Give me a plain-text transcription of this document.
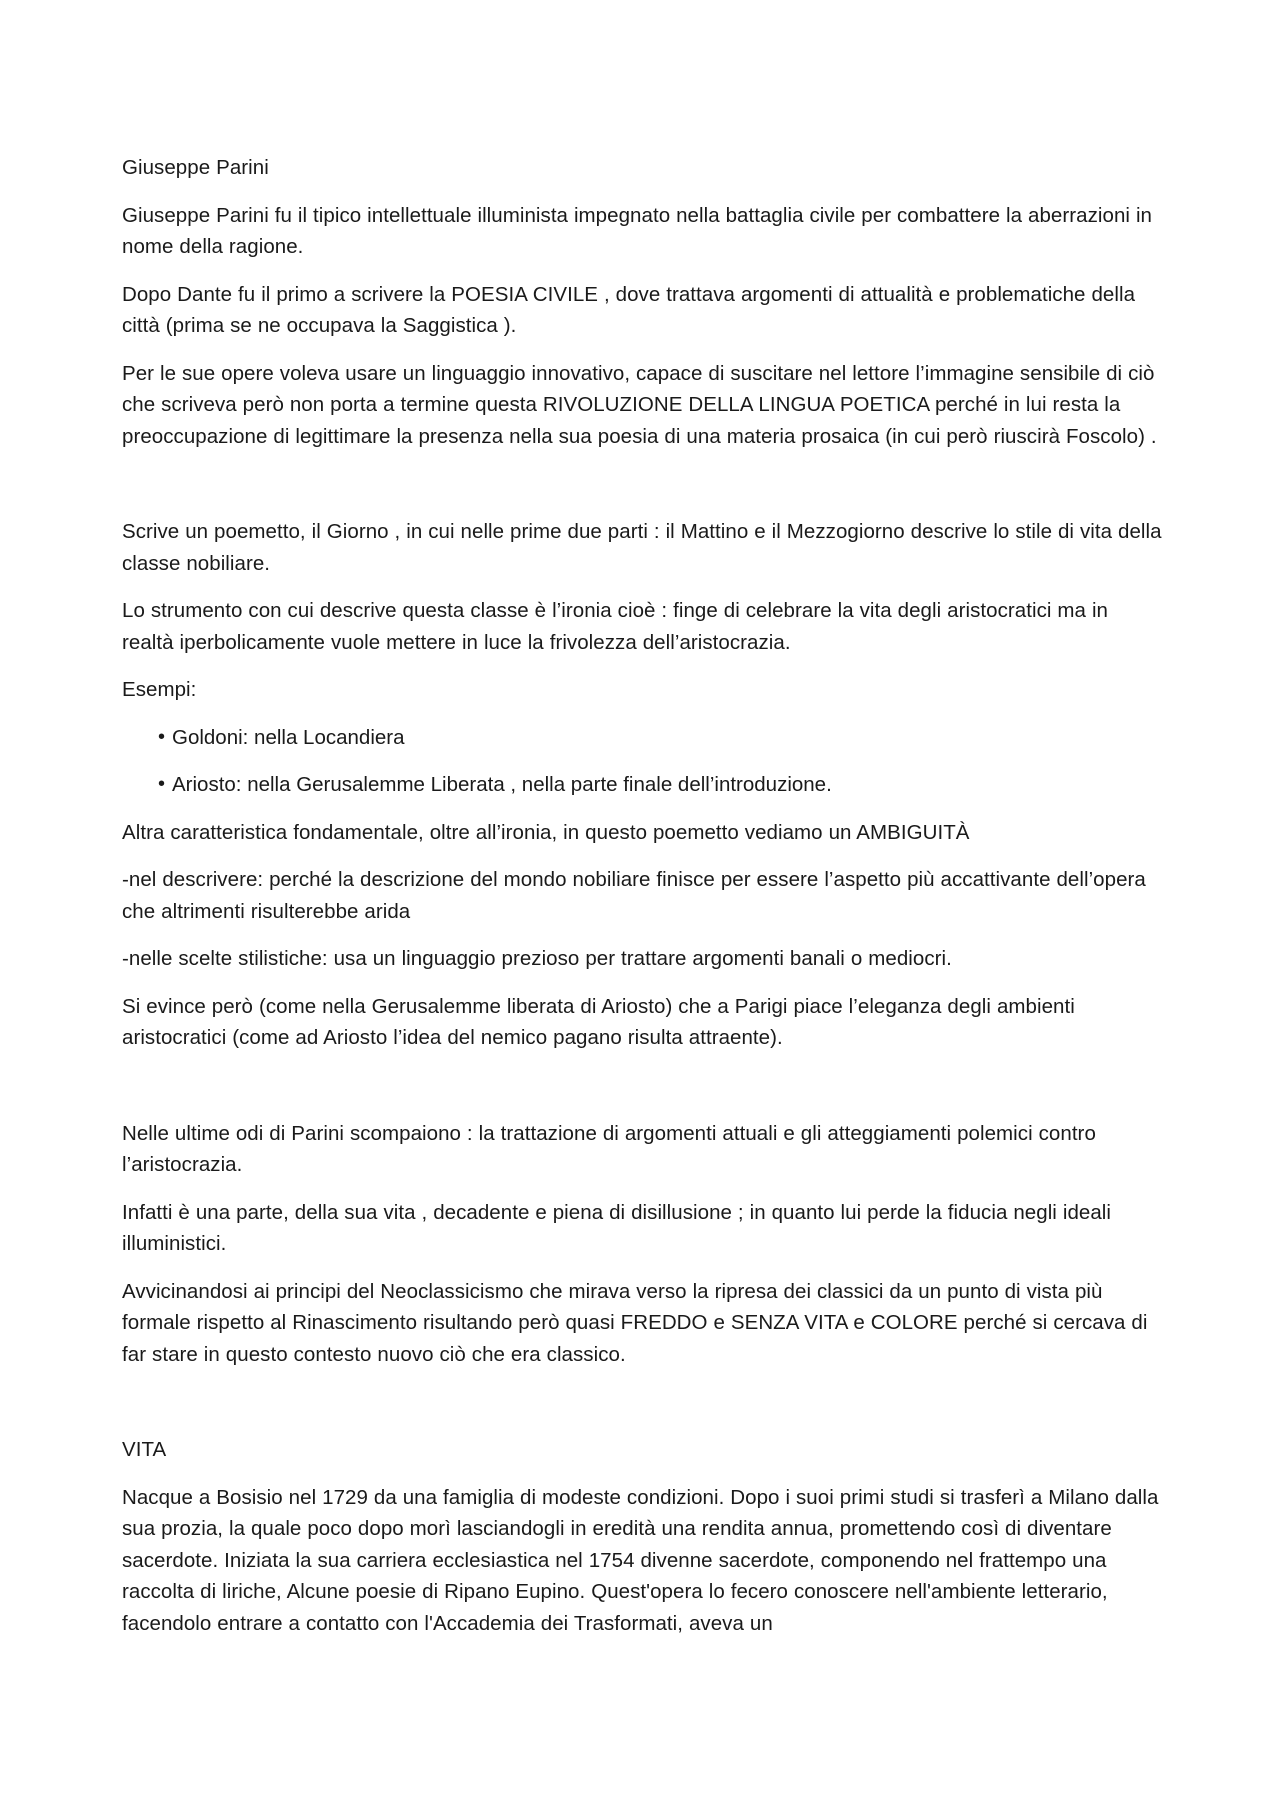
Giuseppe Parini

Giuseppe Parini fu il tipico intellettuale illuminista impegnato nella battaglia civile per combattere la aberrazioni in nome della ragione.

Dopo Dante fu il primo a scrivere la POESIA CIVILE , dove trattava argomenti di attualità e problematiche della città (prima se ne occupava la Saggistica ).

Per le sue opere voleva usare un linguaggio innovativo, capace di suscitare nel lettore l’immagine sensibile di ciò che scriveva però non porta a termine questa RIVOLUZIONE DELLA LINGUA POETICA perché in lui resta la preoccupazione di legittimare la presenza nella sua poesia di una materia prosaica (in cui però riuscirà Foscolo) .

Scrive un poemetto, il Giorno , in cui nelle prime due parti : il Mattino e il Mezzogiorno descrive lo stile di vita della classe nobiliare.

Lo strumento con cui descrive questa classe è l’ironia cioè : finge di celebrare la vita degli aristocratici ma in realtà iperbolicamente vuole mettere in luce la frivolezza dell’aristocrazia.

Esempi:

• Goldoni: nella Locandiera
• Ariosto: nella Gerusalemme Liberata , nella parte finale dell’introduzione.

Altra caratteristica fondamentale, oltre all’ironia, in questo poemetto vediamo un AMBIGUITÀ

-nel descrivere: perché la descrizione del mondo nobiliare finisce per essere l’aspetto più accattivante dell’opera che altrimenti risulterebbe arida

-nelle scelte stilistiche: usa un linguaggio prezioso per trattare argomenti banali o mediocri.

Si evince però (come nella Gerusalemme liberata di Ariosto) che a Parigi piace l’eleganza degli ambienti aristocratici (come ad Ariosto l’idea del nemico pagano risulta attraente).

Nelle ultime odi di Parini scompaiono : la trattazione di argomenti attuali e gli atteggiamenti polemici contro l’aristocrazia.

Infatti è una parte, della sua vita , decadente e piena di disillusione ; in quanto lui perde la fiducia negli ideali illuministici.

Avvicinandosi ai principi del Neoclassicismo che mirava verso la ripresa dei classici da un punto di vista più formale rispetto al Rinascimento risultando però quasi FREDDO e SENZA VITA e COLORE perché si cercava di far stare in questo contesto nuovo ciò che era classico.

VITA

Nacque a Bosisio nel 1729 da una famiglia di modeste condizioni. Dopo i suoi primi studi si trasferì a Milano dalla sua prozia, la quale poco dopo morì lasciandogli in eredità una rendita annua, promettendo così di diventare sacerdote. Iniziata la sua carriera ecclesiastica nel 1754 divenne sacerdote, componendo nel frattempo una raccolta di liriche, Alcune poesie di Ripano Eupino. Quest'opera lo fecero conoscere nell'ambiente letterario, facendolo entrare a contatto con l'Accademia dei Trasformati, aveva un
